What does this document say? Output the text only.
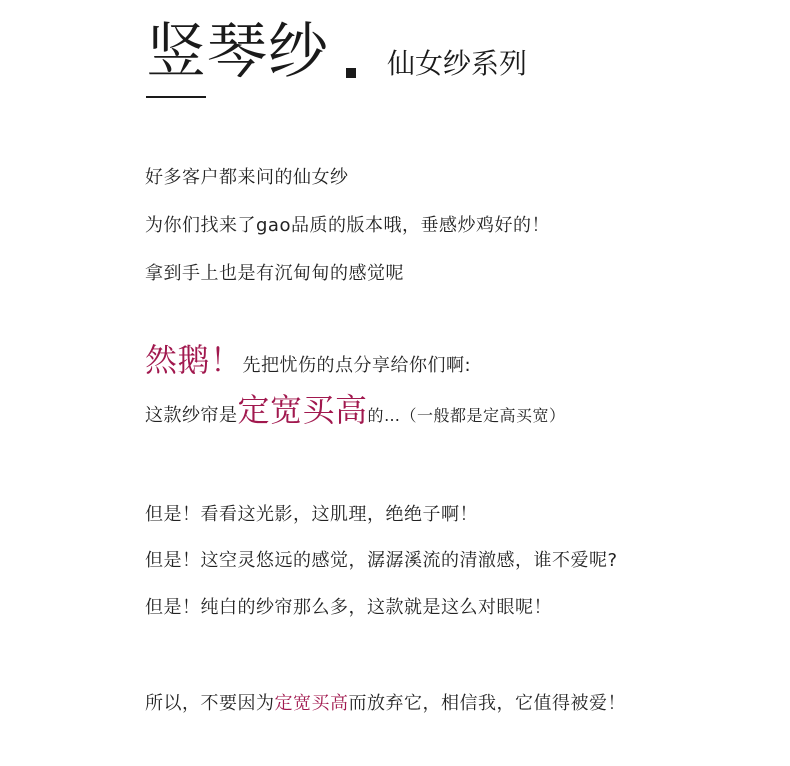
竖琴纱 仙女纱系列
好多客户都来问的仙女纱
为你们找来了gao品质的版本哦，垂感炒鸡好的！
拿到手上也是有沉甸甸的感觉呢
然鹅！先把忧伤的点分享给你们啊:
这款纱帘是定宽买高的…（一般都是定高买宽）
但是！看看这光影，这肌理，绝绝子啊！
但是！这空灵悠远的感觉，潺潺溪流的清澈感，谁不爱呢?
但是！纯白的纱帘那么多，这款就是这么对眼呢！
所以，不要因为定宽买高而放弃它，相信我，它值得被爱！
